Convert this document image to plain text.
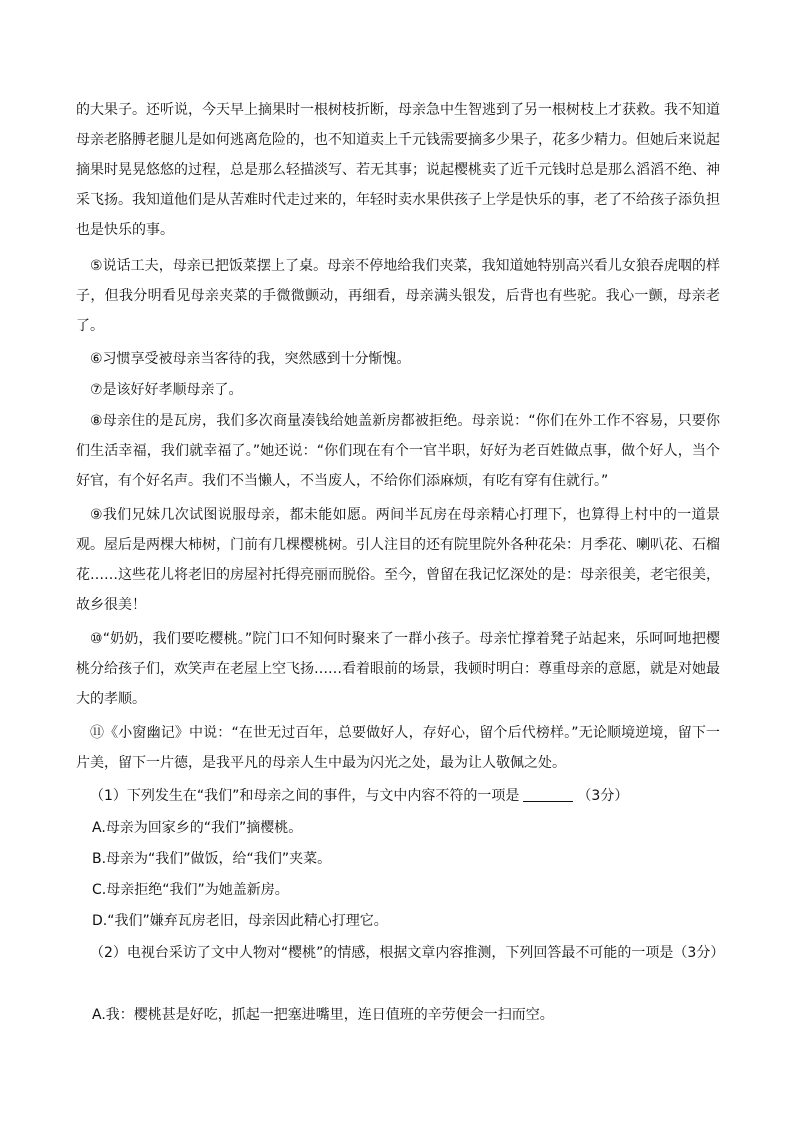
的大果子。还听说，今天早上摘果时一根树枝折断，母亲急中生智逃到了另一根树枝上才获救。我不知道母亲老胳膊老腿儿是如何逃离危险的，也不知道卖上千元钱需要摘多少果子，花多少精力。但她后来说起摘果时晃晃悠悠的过程，总是那么轻描淡写、若无其事；说起樱桃卖了近千元钱时总是那么滔滔不绝、神采飞扬。我知道他们是从苦难时代走过来的，年轻时卖水果供孩子上学是快乐的事，老了不给孩子添负担也是快乐的事。

⑤说话工夫，母亲已把饭菜摆上了桌。母亲不停地给我们夹菜，我知道她特别高兴看儿女狼吞虎咽的样子，但我分明看见母亲夹菜的手微微颤动，再细看，母亲满头银发，后背也有些驼。我心一颤，母亲老了。

⑥习惯享受被母亲当客待的我，突然感到十分惭愧。

⑦是该好好孝顺母亲了。

⑧母亲住的是瓦房，我们多次商量凑钱给她盖新房都被拒绝。母亲说：“你们在外工作不容易，只要你们生活幸福，我们就幸福了。”她还说：“你们现在有个一官半职，好好为老百姓做点事，做个好人，当个好官，有个好名声。我们不当懒人，不当废人，不给你们添麻烦，有吃有穿有住就行。”

⑨我们兄妹几次试图说服母亲，都未能如愿。两间半瓦房在母亲精心打理下，也算得上村中的一道景观。屋后是两棵大柿树，门前有几棵樱桃树。引人注目的还有院里院外各种花朵：月季花、喇叭花、石榴花……这些花儿将老旧的房屋衬托得亮丽而脱俗。至今，曾留在我记忆深处的是：母亲很美，老宅很美，故乡很美！

⑩“奶奶，我们要吃樱桃。”院门口不知何时聚来了一群小孩子。母亲忙撑着凳子站起来，乐呵呵地把樱桃分给孩子们，欢笑声在老屋上空飞扬……看着眼前的场景，我顿时明白：尊重母亲的意愿，就是对她最大的孝顺。

⑪《小窗幽记》中说：“在世无过百年，总要做好人，存好心，留个后代榜样。”无论顺境逆境，留下一片美，留下一片德，是我平凡的母亲人生中最为闪光之处，最为让人敬佩之处。

（1）下列发生在“我们”和母亲之间的事件，与文中内容不符的一项是	（3分）

A.母亲为回家乡的“我们”摘樱桃。

B.母亲为“我们”做饭，给“我们”夹菜。

C.母亲拒绝“我们”为她盖新房。

D.“我们”嫌弃瓦房老旧，母亲因此精心打理它。

（2）电视台采访了文中人物对“樱桃”的情感，根据文章内容推测，下列回答最不可能的一项是（3分）

A.我：樱桃甚是好吃，抓起一把塞进嘴里，连日值班的辛劳便会一扫而空。
